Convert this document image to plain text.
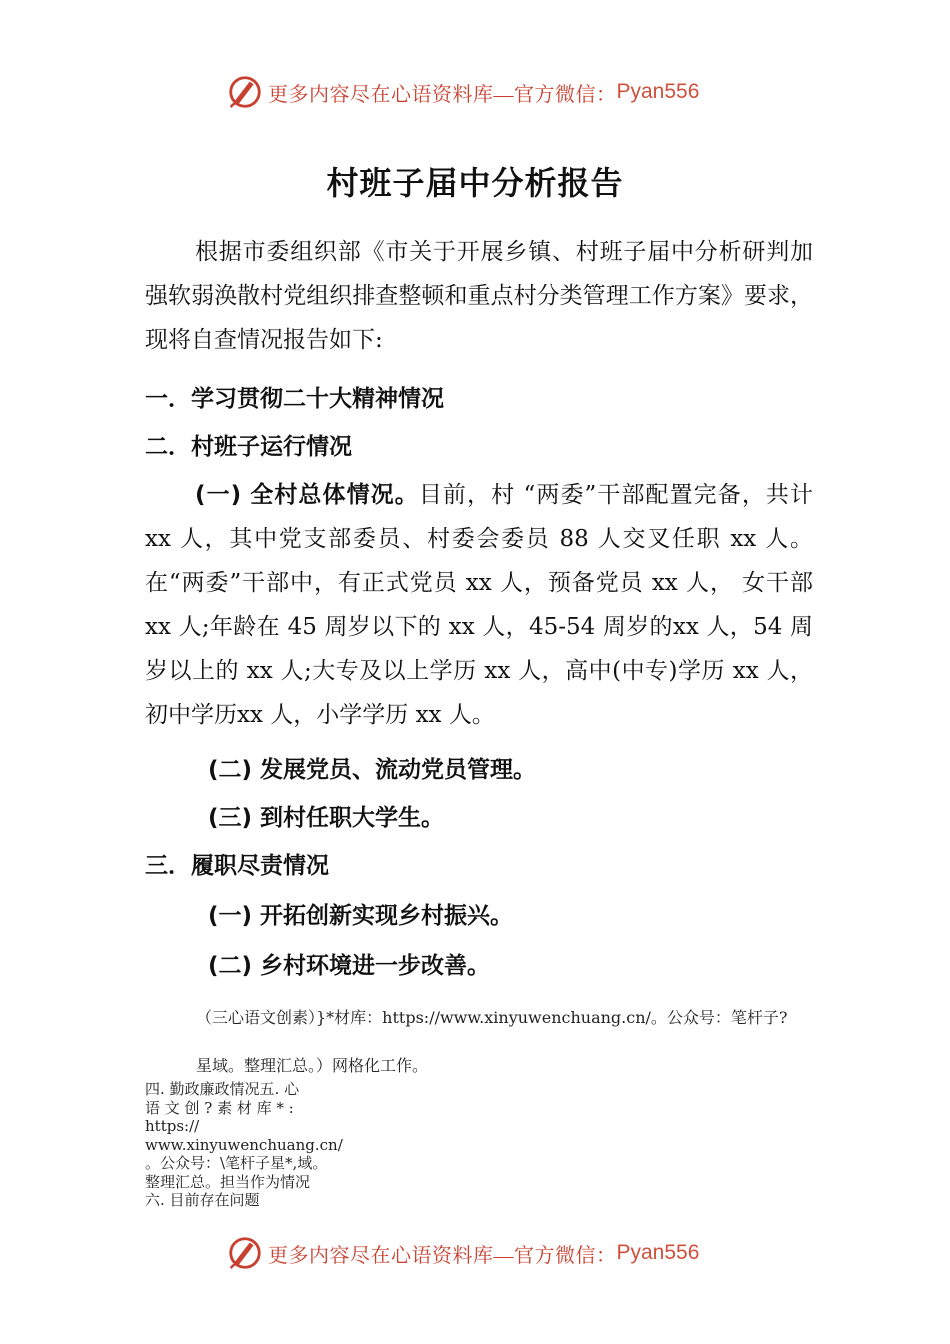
更多内容尽在心语资料库—官方微信： Pyan556
村班子届中分析报告

根据市委组织部《市关于开展乡镇、村班子届中分析研判加强软弱涣散村党组织排查整顿和重点村分类管理工作方案》要求，现将自查情况报告如下:

一．学习贯彻二十大精神情况
二．村班子运行情况

(一) 全村总体情况。目前，村 “两委”干部配置完备，共计 xx 人，其中党支部委员、村委会委员 88 人交叉任职 xx 人。在“两委”干部中，有正式党员 xx 人，预备党员 xx 人， 女干部 xx 人;年龄在 45 周岁以下的 xx 人，45-54 周岁的xx 人，54 周岁以上的 xx 人;大专及以上学历 xx 人，高中(中专)学历 xx 人，初中学历xx 人，小学学历 xx 人。

(二) 发展党员、流动党员管理。
(三) 到村任职大学生。
三．履职尽责情况
(一) 开拓创新实现乡村振兴。
(二) 乡村环境进一步改善。

（三心语文创素）}*材库：https://www.xinyuwenchuang.cn/。公众号：笔杆子?

星域。整理汇总。）网格化工作。

四. 勤政廉政情况五. 心
语 文 创 ? 素 材 库 * :
https://
www.xinyuwenchuang.cn/
。公众号：\笔杆子星*,域。
整理汇总。担当作为情况
六. 目前存在问题
更多内容尽在心语资料库—官方微信： Pyan556
